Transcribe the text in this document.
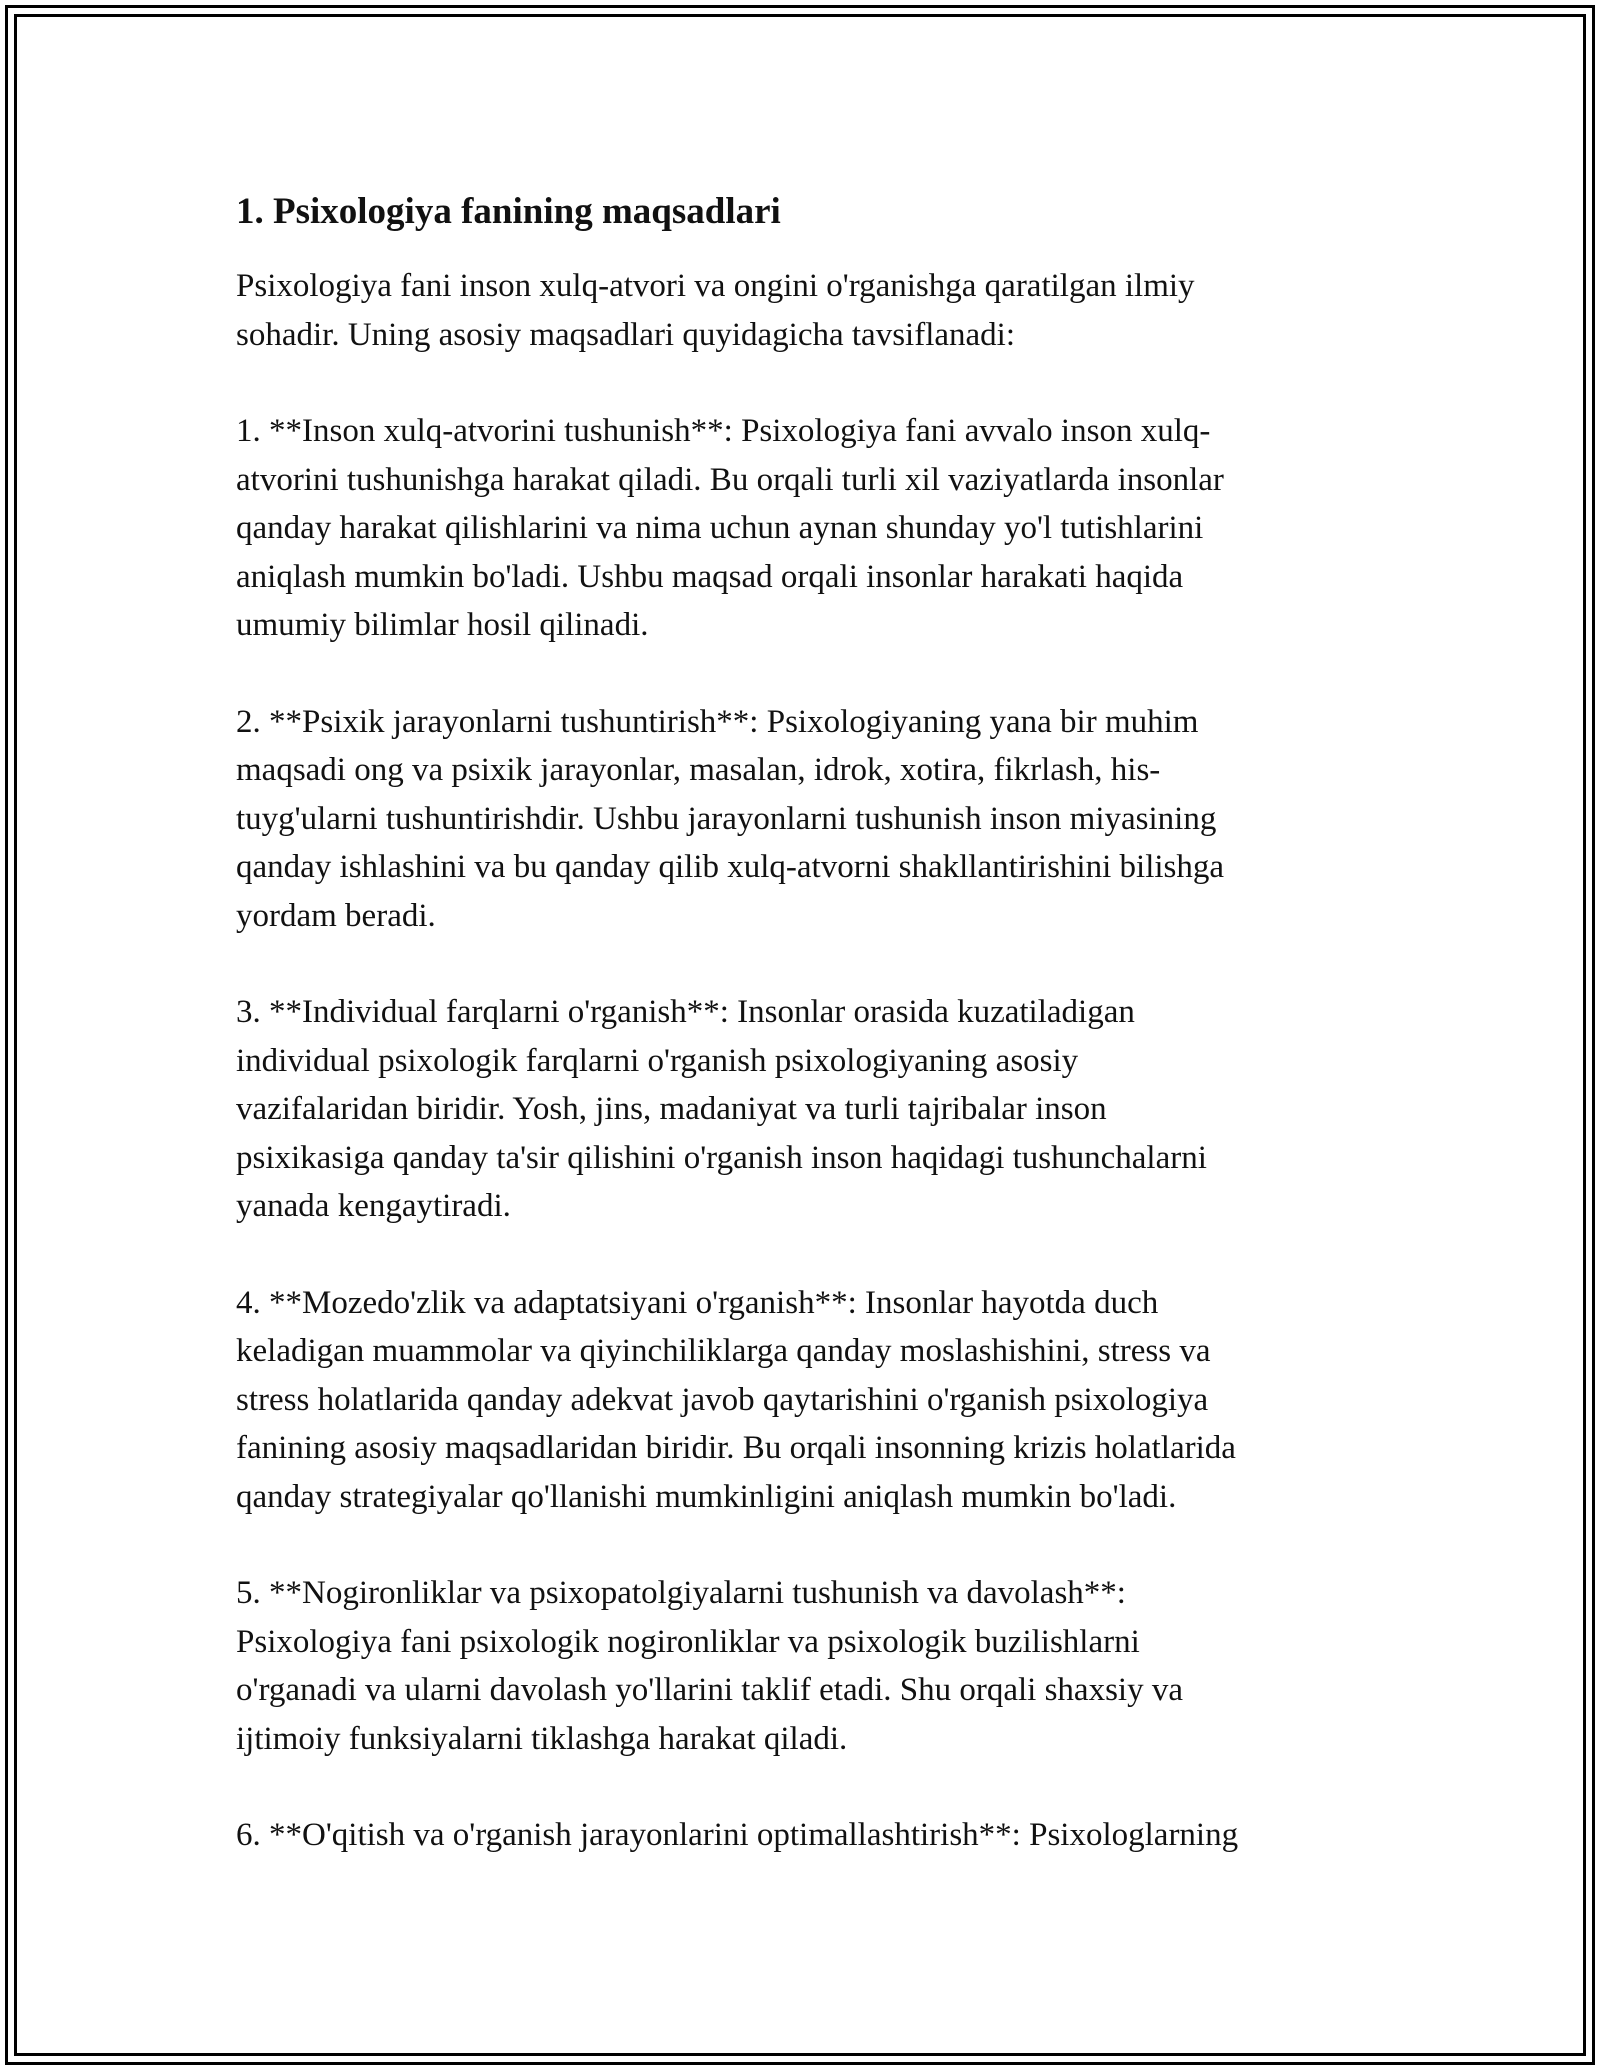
1. Psixologiya fanining maqsadlari

Psixologiya fani inson xulq-atvori va ongini o'rganishga qaratilgan ilmiy
sohadir. Uning asosiy maqsadlari quyidagicha tavsiflanadi:

1. **Inson xulq-atvorini tushunish**: Psixologiya fani avvalo inson xulq-
atvorini tushunishga harakat qiladi. Bu orqali turli xil vaziyatlarda insonlar
qanday harakat qilishlarini va nima uchun aynan shunday yo'l tutishlarini
aniqlash mumkin bo'ladi. Ushbu maqsad orqali insonlar harakati haqida
umumiy bilimlar hosil qilinadi.

2. **Psixik jarayonlarni tushuntirish**: Psixologiyaning yana bir muhim
maqsadi ong va psixik jarayonlar, masalan, idrok, xotira, fikrlash, his-
tuyg'ularni tushuntirishdir. Ushbu jarayonlarni tushunish inson miyasining
qanday ishlashini va bu qanday qilib xulq-atvorni shakllantirishini bilishga
yordam beradi.

3. **Individual farqlarni o'rganish**: Insonlar orasida kuzatiladigan
individual psixologik farqlarni o'rganish psixologiyaning asosiy
vazifalaridan biridir. Yosh, jins, madaniyat va turli tajribalar inson
psixikasiga qanday ta'sir qilishini o'rganish inson haqidagi tushunchalarni
yanada kengaytiradi.

4. **Mozedo'zlik va adaptatsiyani o'rganish**: Insonlar hayotda duch
keladigan muammolar va qiyinchiliklarga qanday moslashishini, stress va
stress holatlarida qanday adekvat javob qaytarishini o'rganish psixologiya
fanining asosiy maqsadlaridan biridir. Bu orqali insonning krizis holatlarida
qanday strategiyalar qo'llanishi mumkinligini aniqlash mumkin bo'ladi.

5. **Nogironliklar va psixopatolgiyalarni tushunish va davolash**:
Psixologiya fani psixologik nogironliklar va psixologik buzilishlarni
o'rganadi va ularni davolash yo'llarini taklif etadi. Shu orqali shaxsiy va
ijtimoiy funksiyalarni tiklashga harakat qiladi.

6. **O'qitish va o'rganish jarayonlarini optimallashtirish**: Psixologlarning
